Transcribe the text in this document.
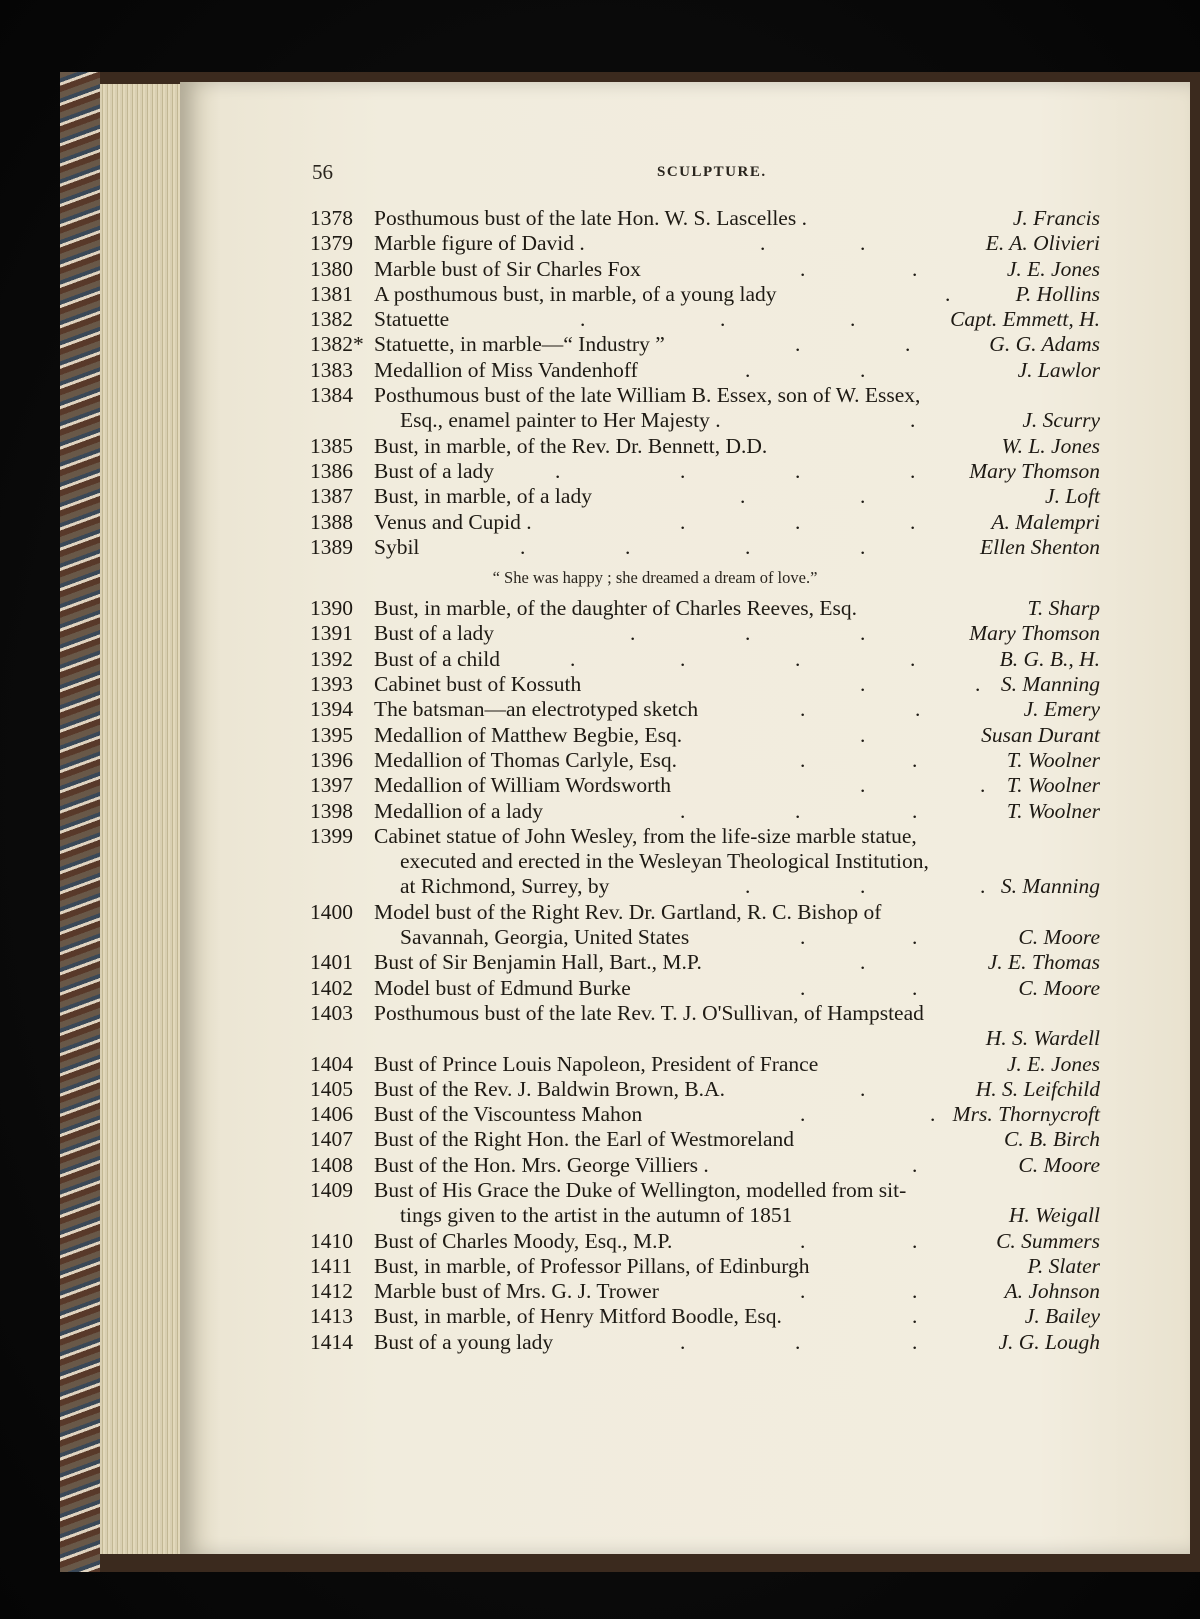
56	SCULPTURE.
1378 Posthumous bust of the late Hon. W. S. Lascelles .	J. Francis
1379 Marble figure of David .	.	.	E. A. Olivieri
1380 Marble bust of Sir Charles Fox	.	.	J. E. Jones
1381 A posthumous bust, in marble, of a young lady	.	P. Hollins
1382 Statuette	.	.	.	Capt. Emmett, H.
1382* Statuette, in marble—“ Industry ”	.	.	G. G. Adams
1383 Medallion of Miss Vandenhoff	.	.	J. Lawlor
1384 Posthumous bust of the late William B. Essex, son of W. Essex,
Esq., enamel painter to Her Majesty .	.	J. Scurry
1385 Bust, in marble, of the Rev. Dr. Bennett, D.D.	W. L. Jones
1386 Bust of a lady	.	.	.	.	Mary Thomson
1387 Bust, in marble, of a lady	.	.	J. Loft
1388 Venus and Cupid .	.	.	.	A. Malempri
1389 Sybil	.	.	.	.	Ellen Shenton
“ She was happy ; she dreamed a dream of love.”
1390 Bust, in marble, of the daughter of Charles Reeves, Esq.	T. Sharp
1391 Bust of a lady	.	.	.	Mary Thomson
1392 Bust of a child	.	.	.	.	B. G. B., H.
1393 Cabinet bust of Kossuth	.	. S. Manning
1394 The batsman—an electrotyped sketch	.	.	J. Emery
1395 Medallion of Matthew Begbie, Esq.	.	Susan Durant
1396 Medallion of Thomas Carlyle, Esq.	.	.	T. Woolner
1397 Medallion of William Wordsworth	.	. T. Woolner
1398 Medallion of a lady	.	.	.	T. Woolner
1399 Cabinet statue of John Wesley, from the life-size marble statue,
executed and erected in the Wesleyan Theological Institution,
at Richmond, Surrey, by	.	.	. S. Manning
1400 Model bust of the Right Rev. Dr. Gartland, R. C. Bishop of
Savannah, Georgia, United States	.	.	C. Moore
1401 Bust of Sir Benjamin Hall, Bart., M.P.	.	J. E. Thomas
1402 Model bust of Edmund Burke	.	.	C. Moore
1403 Posthumous bust of the late Rev. T. J. O'Sullivan, of Hampstead
H. S. Wardell
1404 Bust of Prince Louis Napoleon, President of France	J. E. Jones
1405 Bust of the Rev. J. Baldwin Brown, B.A.	.	H. S. Leifchild
1406 Bust of the Viscountess Mahon	.	. Mrs. Thornycroft
1407 Bust of the Right Hon. the Earl of Westmoreland	C. B. Birch
1408 Bust of the Hon. Mrs. George Villiers .	.	C. Moore
1409 Bust of His Grace the Duke of Wellington, modelled from sit-
tings given to the artist in the autumn of 1851	H. Weigall
1410 Bust of Charles Moody, Esq., M.P.	.	.	C. Summers
1411	Bust, in marble, of Professor Pillans, of Edinburgh	P. Slater
1412 Marble bust of Mrs. G. J. Trower	.	.	A. Johnson
1413 Bust, in marble, of Henry Mitford Boodle, Esq.	.	J. Bailey
1414 Bust of a young lady	.	.	.	J. G. Lough
